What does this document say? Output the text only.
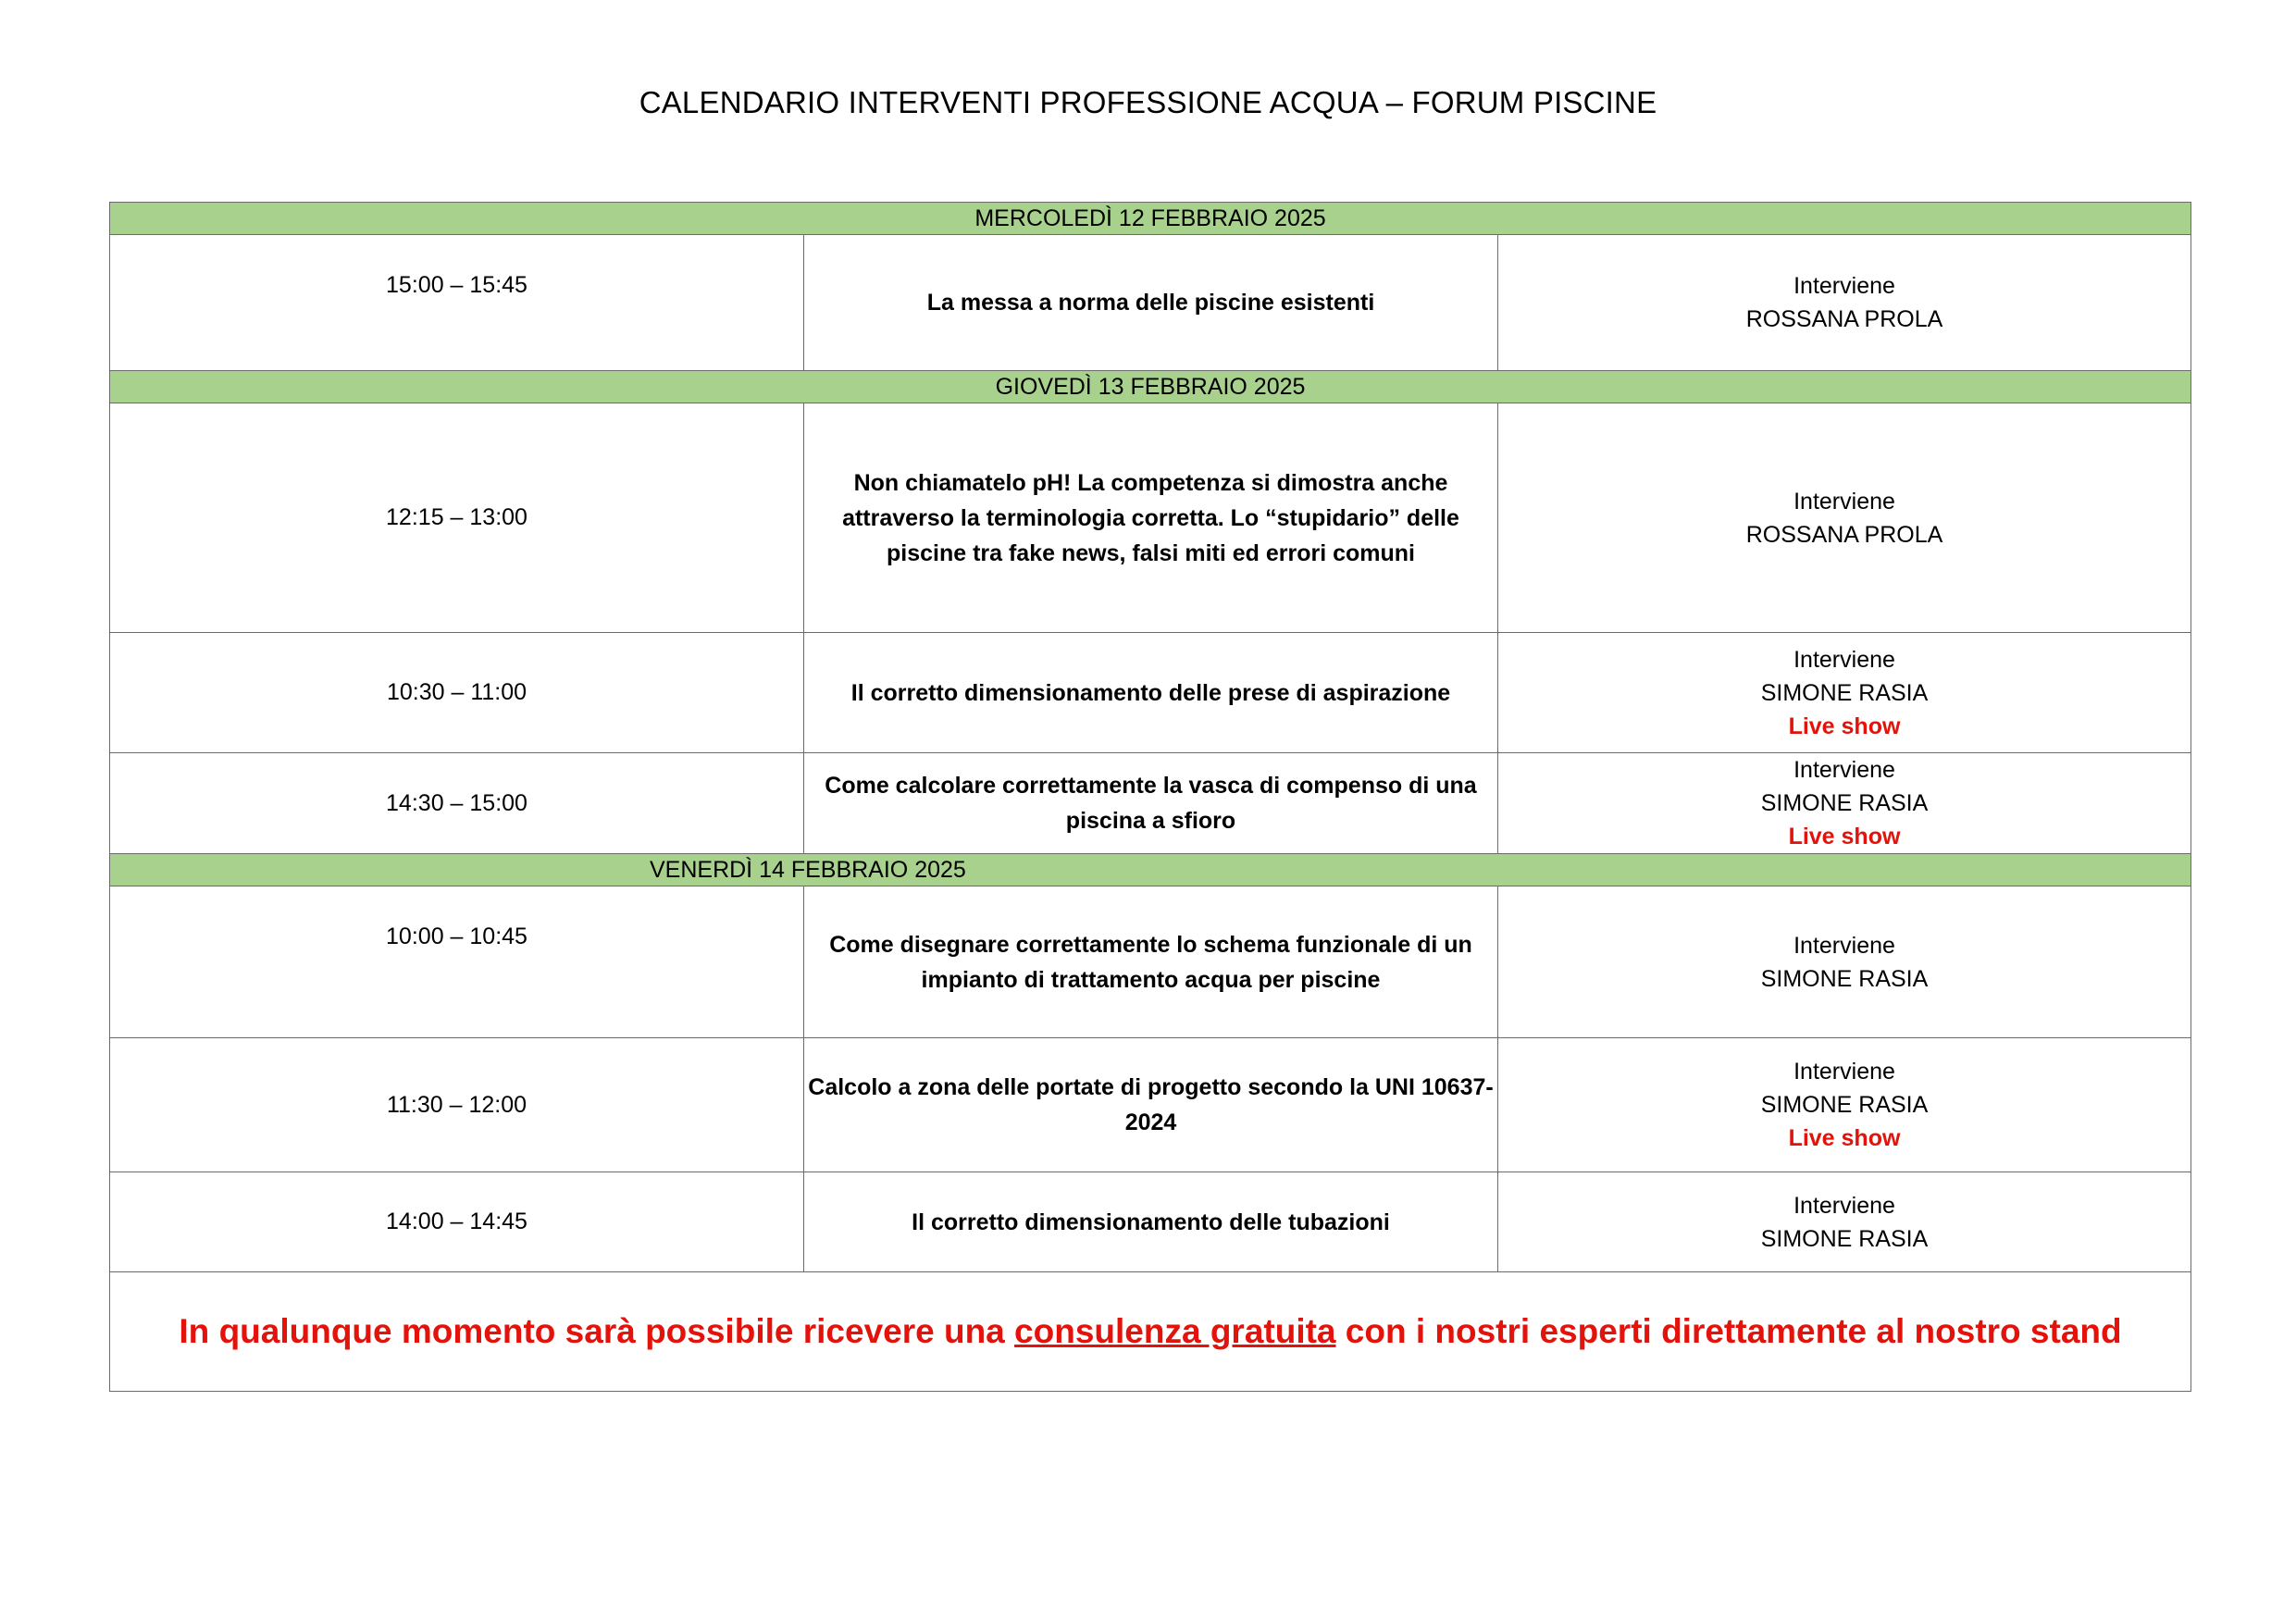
CALENDARIO INTERVENTI PROFESSIONE ACQUA – FORUM PISCINE
MERCOLEDÌ 12 FEBBRAIO 2025		
15:00 – 15:45	La messa a norma delle piscine esistenti	Interviene
ROSSANA PROLA

GIOVEDÌ 13 FEBBRAIO 2025		
12:15 – 13:00	Non chiamatelo pH! La competenza si dimostra anche attraverso la terminologia corretta. Lo “stupidario” delle piscine tra fake news, falsi miti ed errori comuni	Interviene
ROSSANA PROLA

10:30 – 11:00	Il corretto dimensionamento delle prese di aspirazione	Interviene
SIMONE RASIA
Live show

14:30 – 15:00	Come calcolare correttamente la vasca di compenso di una piscina a sfioro	Interviene
SIMONE RASIA
Live show

VENERDÌ 14 FEBBRAIO 2025		
10:00 – 10:45	Come disegnare correttamente lo schema funzionale di un impianto di trattamento acqua per piscine	Interviene
SIMONE RASIA

11:30 – 12:00	Calcolo a zona delle portate di progetto secondo la UNI 10637-2024	Interviene
SIMONE RASIA
Live show

14:00 – 14:45	Il corretto dimensionamento delle tubazioni	Interviene
SIMONE RASIA

In qualunque momento sarà possibile ricevere una consulenza gratuita con i nostri esperti direttamente al nostro stand		
